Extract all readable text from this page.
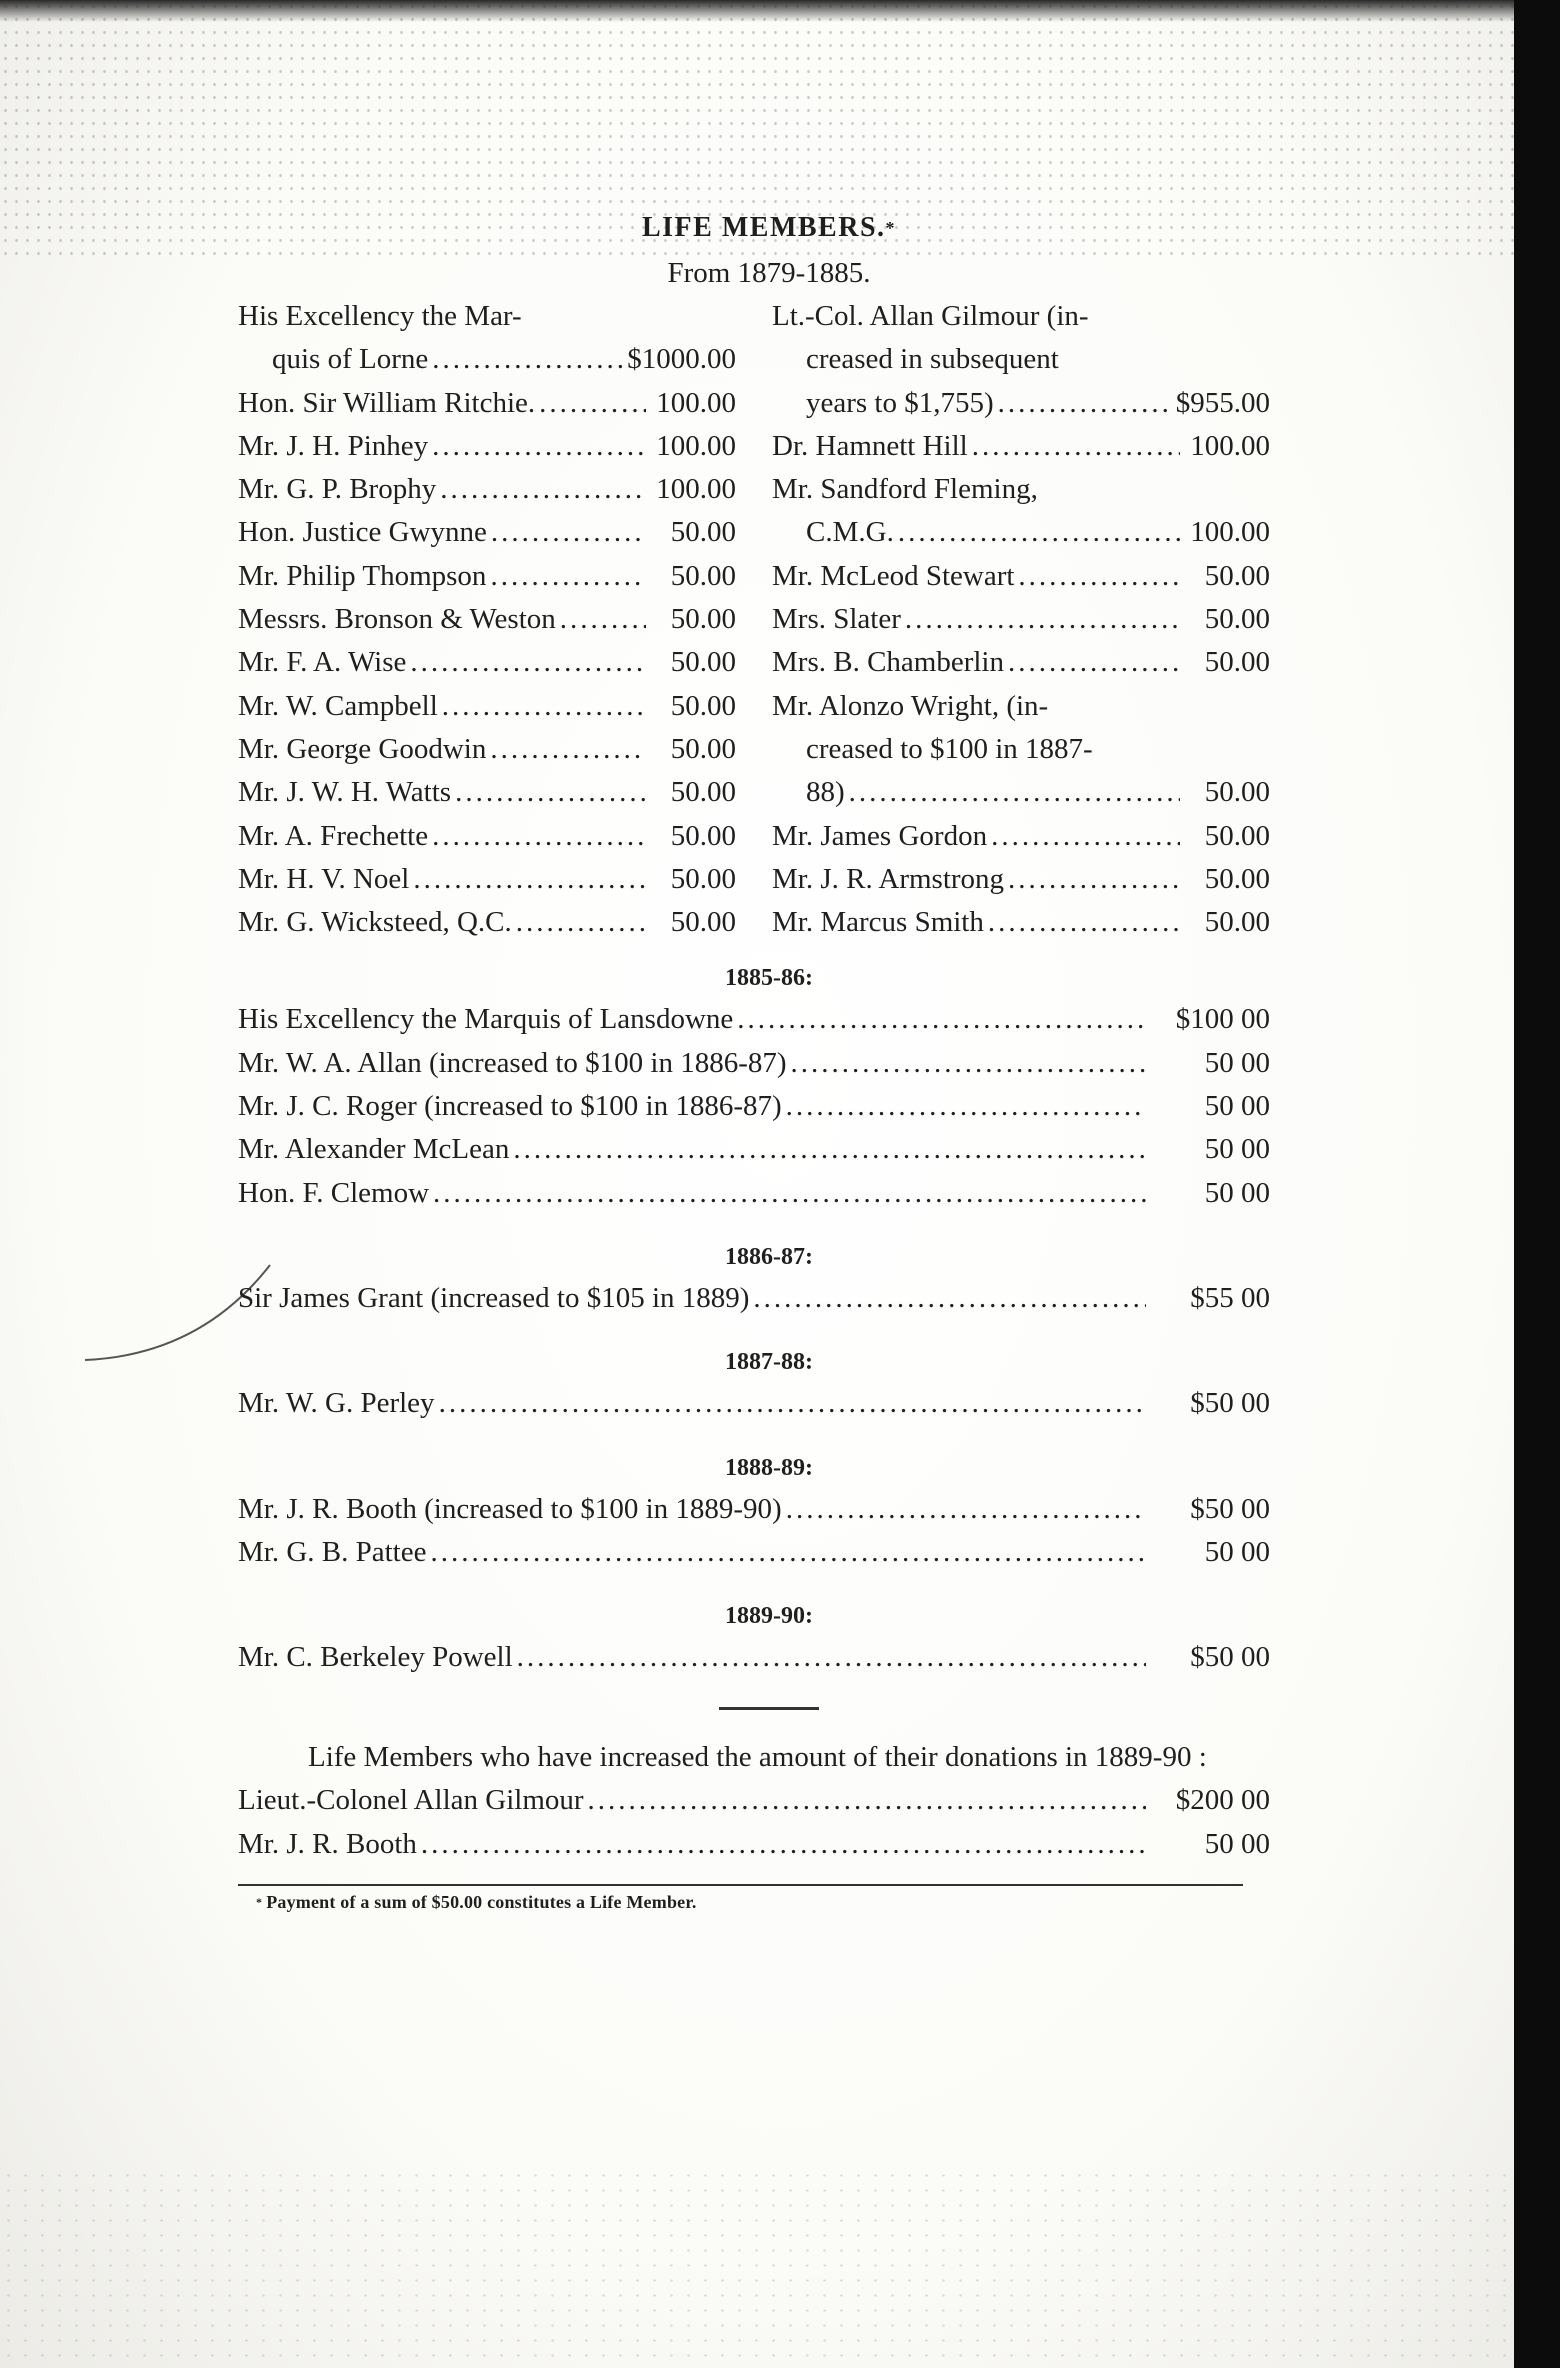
LIFE MEMBERS.*
From 1879-1885.
His Excellency the Mar-
quis of Lorne .....	$1000.00
Hon. Sir William Ritchie. .....	100.00
Mr. J. H. Pinhey .....	100.00
Mr. G. P. Brophy .....	100.00
Hon. Justice Gwynne .....	50.00
Mr. Philip Thompson .....	50.00
Messrs. Bronson & Weston .....	50.00
Mr. F. A. Wise .....	50.00
Mr. W. Campbell .....	50.00
Mr. George Goodwin .....	50.00
Mr. J. W. H. Watts .....	50.00
Mr. A. Frechette .....	50.00
Mr. H. V. Noel .....	50.00
Mr. G. Wicksteed, Q.C. .....	50.00
Lt.-Col. Allan Gilmour (in-
creased in subsequent
years to $1,755) .....	$955.00
Dr. Hamnett Hill .....	100.00
Mr. Sandford Fleming,
C.M.G. .....	100.00
Mr. McLeod Stewart .....	50.00
Mrs. Slater .....	50.00
Mrs. B. Chamberlin .....	50.00
Mr. Alonzo Wright, (in-
creased to $100 in 1887-
88) .....	50.00
Mr. James Gordon .....	50.00
Mr. J. R. Armstrong .....	50.00
Mr. Marcus Smith .....	50.00
1885-86:
His Excellency the Marquis of Lansdowne .....	$100 00
Mr. W. A. Allan (increased to $100 in 1886-87) .....	50 00
Mr. J. C. Roger (increased to $100 in 1886-87) .....	50 00
Mr. Alexander McLean .....	50 00
Hon. F. Clemow .....	50 00
1886-87:
Sir James Grant (increased to $105 in 1889) .....	$55 00
1887-88:
Mr. W. G. Perley .....	$50 00
1888-89:
Mr. J. R. Booth (increased to $100 in 1889-90) .....	$50 00
Mr. G. B. Pattee .....	50 00
1889-90:
Mr. C. Berkeley Powell .....	$50 00
Life Members who have increased the amount of their donations in 1889-90 :
Lieut.-Colonel Allan Gilmour .....	$200 00
Mr. J. R. Booth .....	50 00
* Payment of a sum of $50.00 constitutes a Life Member.
